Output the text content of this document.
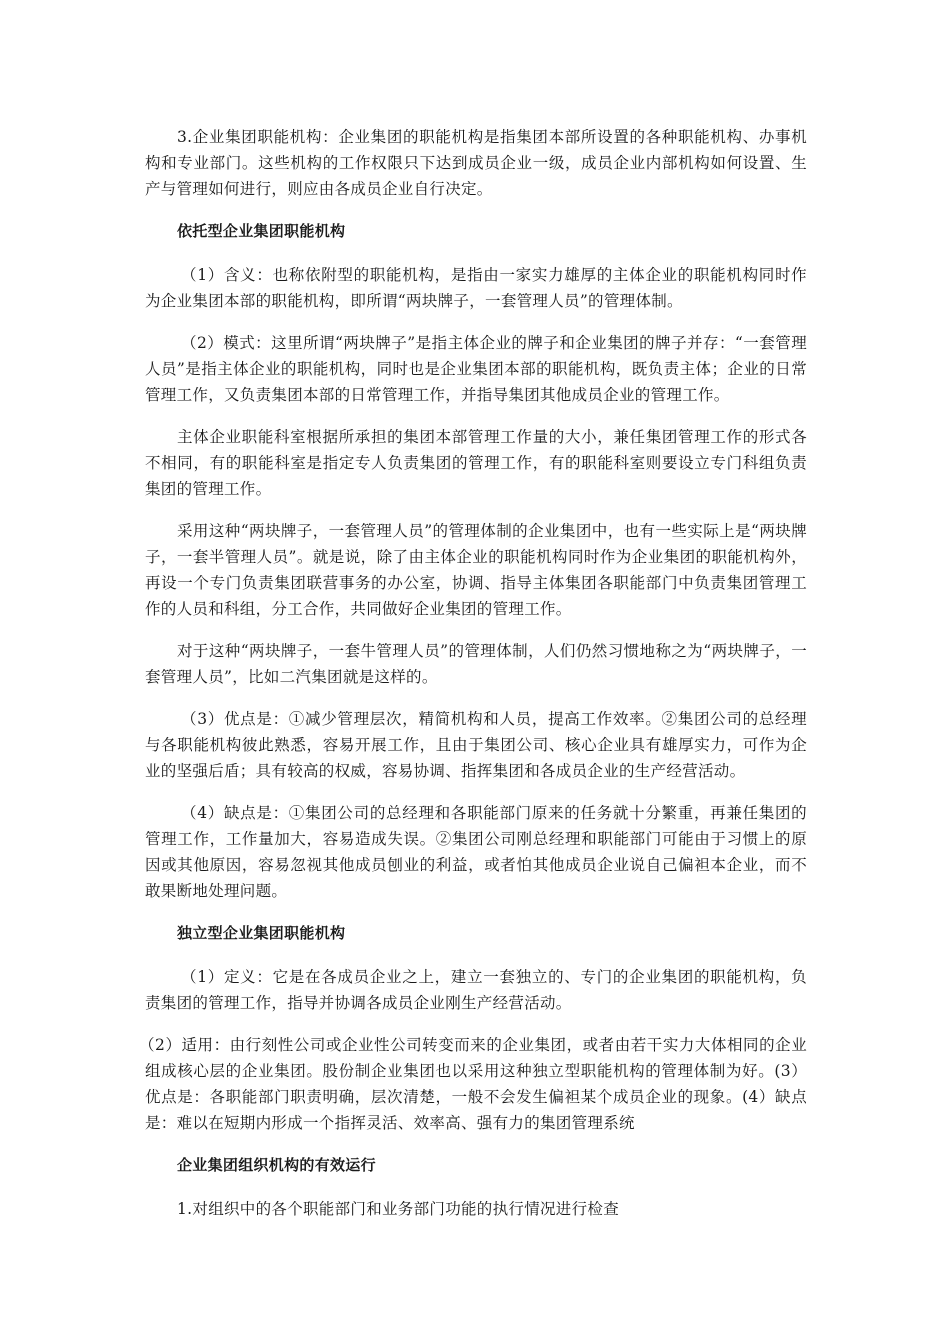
3.企业集团职能机构：企业集团的职能机构是指集团本部所设置的各种职能机构、办事机构和专业部门。这些机构的工作权限只下达到成员企业一级，成员企业内部机构如何设置、生产与管理如何进行，则应由各成员企业自行决定。

依托型企业集团职能机构

（1）含义：也称依附型的职能机构，是指由一家实力雄厚的主体企业的职能机构同时作为企业集团本部的职能机构，即所谓“两块牌子，一套管理人员”的管理体制。

（2）模式：这里所谓“两块牌子”是指主体企业的牌子和企业集团的牌子并存：“一套管理人员”是指主体企业的职能机构，同时也是企业集团本部的职能机构，既负责主体；企业的日常管理工作，又负责集团本部的日常管理工作，并指导集团其他成员企业的管理工作。

主体企业职能科室根据所承担的集团本部管理工作量的大小，兼任集团管理工作的形式各不相同，有的职能科室是指定专人负责集团的管理工作，有的职能科室则要设立专门科组负责集团的管理工作。

采用这种“两块牌子，一套管理人员”的管理体制的企业集团中，也有一些实际上是“两块牌子，一套半管理人员”。就是说，除了由主体企业的职能机构同时作为企业集团的职能机构外，再设一个专门负责集团联营事务的办公室，协调、指导主体集团各职能部门中负责集团管理工作的人员和科组，分工合作，共同做好企业集团的管理工作。

对于这种“两块牌子，一套牛管理人员”的管理体制，人们仍然习惯地称之为“两块牌子，一套管理人员”，比如二汽集团就是这样的。

（3）优点是：①减少管理层次，精简机构和人员，提高工作效率。②集团公司的总经理与各职能机构彼此熟悉，容易开展工作，且由于集团公司、核心企业具有雄厚实力，可作为企业的坚强后盾；具有较高的权威，容易协调、指挥集团和各成员企业的生产经营活动。

（4）缺点是：①集团公司的总经理和各职能部门原来的任务就十分繁重，再兼任集团的管理工作，工作量加大，容易造成失误。②集团公司刚总经理和职能部门可能由于习惯上的原因或其他原因，容易忽视其他成员刨业的利益，或者怕其他成员企业说自己偏袒本企业，而不敢果断地处理问题。

独立型企业集团职能机构

（1）定义：它是在各成员企业之上，建立一套独立的、专门的企业集团的职能机构，负责集团的管理工作，指导并协调各成员企业刚生产经营活动。

（2）适用：由行刻性公司或企业性公司转变而来的企业集团，或者由若干实力大体相同的企业组成核心层的企业集团。股份制企业集团也以采用这种独立型职能机构的管理体制为好。(3）优点是：各职能部门职责明确，层次清楚，一般不会发生偏袒某个成员企业的现象。(4）缺点是：难以在短期内形成一个指挥灵活、效率高、强有力的集团管理系统

企业集团组织机构的有效运行

1.对组织中的各个职能部门和业务部门功能的执行情况进行检查
